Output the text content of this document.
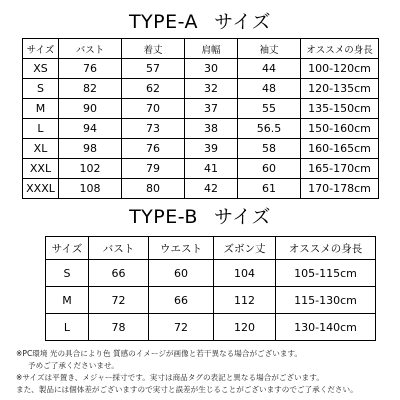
TYPE-A サイズ
サイズ	バスト	着丈	肩幅	袖丈	オススメの身長
XS	76	57	30	44	100-120cm
S	82	62	32	48	120-135cm
M	90	70	37	55	135-150cm
L	94	73	38	56.5	150-160cm
XL	98	76	39	58	160-165cm
XXL	102	79	41	60	165-170cm
XXXL	108	80	42	61	170-178cm
TYPE-B サイズ
サイズ	バスト	ウエスト	ズボン丈	オススメの身長
S	66	60	104	105-115cm
M	72	66	112	115-130cm
L	78	72	120	130-140cm
※PC環境 光の具合により色 質感のイメージが画像と若干異なる場合がございます。
予めご了承くださいませ。
※サイズは平置き、メジャー採寸です。実寸は商品タグの表記と異なる場合がございます。
また、製品には個体差がございますので実寸と誤差が生じることがございますのでご了承ください。
